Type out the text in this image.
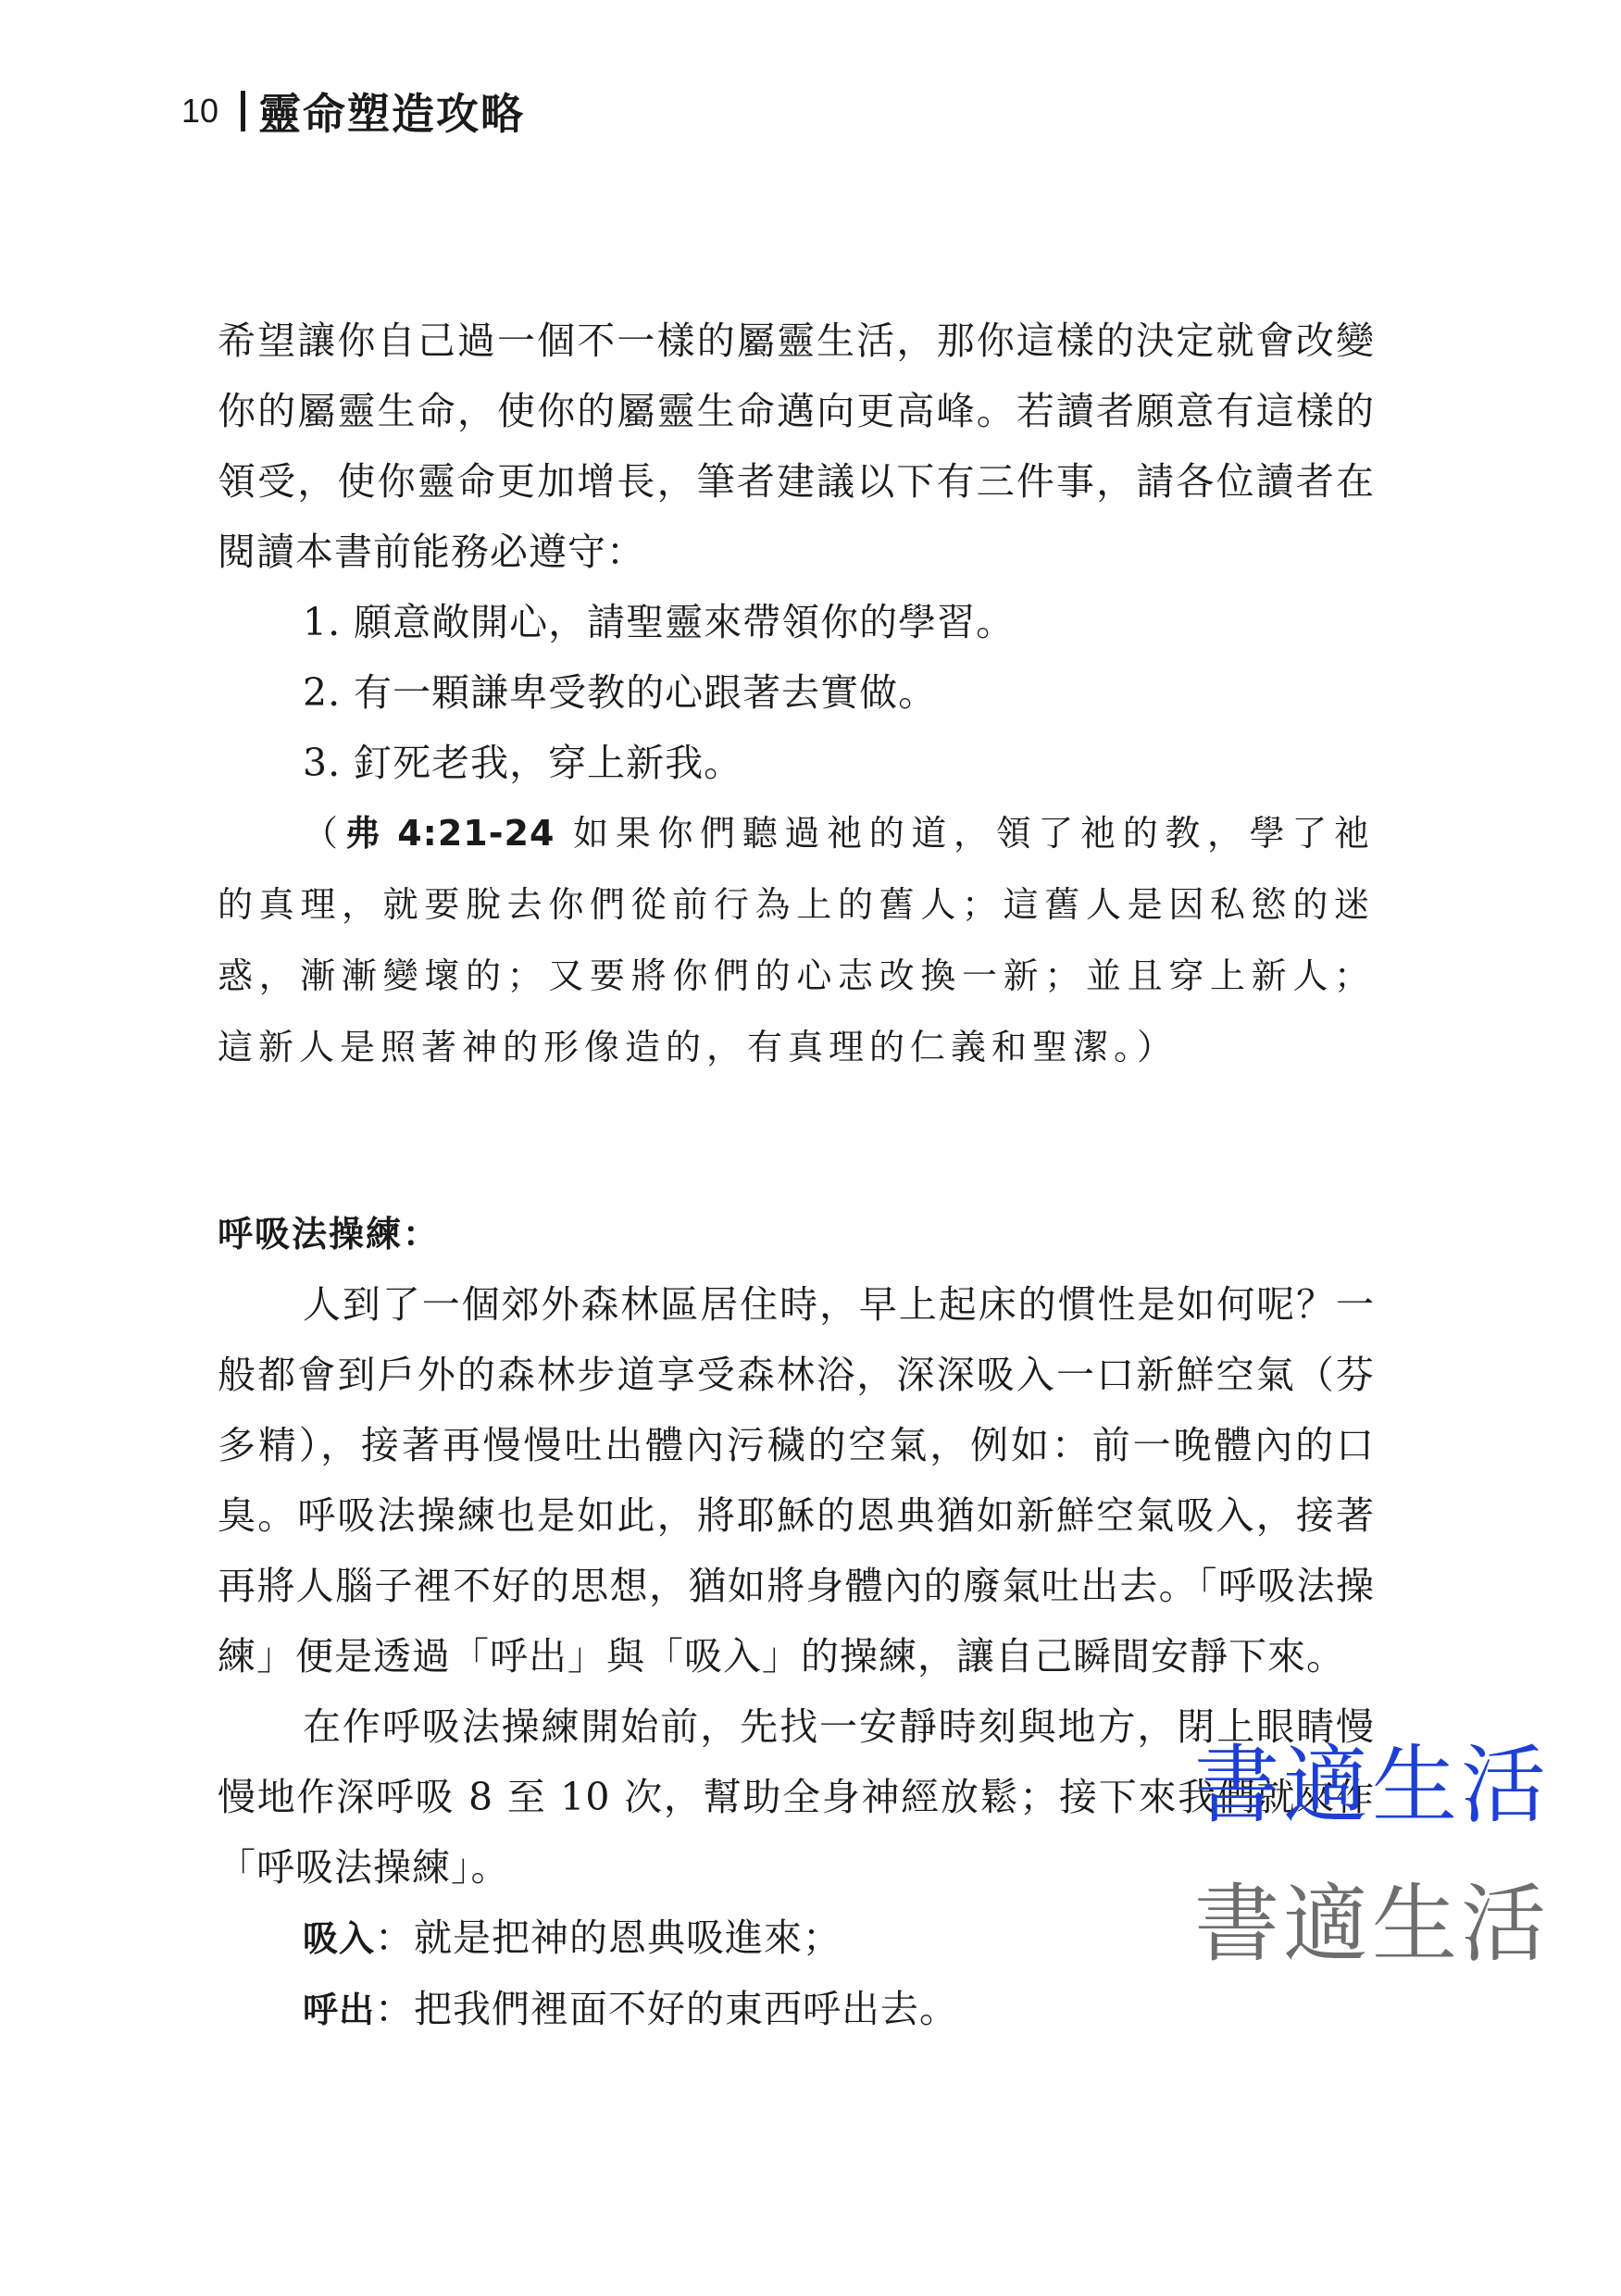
10 靈命塑造攻略

希望讓你自己過一個不一樣的屬靈生活，那你這樣的決定就會改變你的屬靈生命，使你的屬靈生命邁向更高峰。若讀者願意有這樣的領受，使你靈命更加增長，筆者建議以下有三件事，請各位讀者在閱讀本書前能務必遵守：

1. 願意敞開心，請聖靈來帶領你的學習。

2. 有一顆謙卑受教的心跟著去實做。

3. 釘死老我，穿上新我。

（弗 4:21-24 如果你們聽過祂的道，領了祂的教，學了祂的真理，就要脫去你們從前行為上的舊人；這舊人是因私慾的迷惑，漸漸變壞的；又要將你們的心志改換一新；並且穿上新人；這新人是照著神的形像造的，有真理的仁義和聖潔。）

呼吸法操練：

人到了一個郊外森林區居住時，早上起床的慣性是如何呢？一般都會到戶外的森林步道享受森林浴，深深吸入一口新鮮空氣（芬多精），接著再慢慢吐出體內污穢的空氣，例如：前一晚體內的口臭。呼吸法操練也是如此，將耶穌的恩典猶如新鮮空氣吸入，接著再將人腦子裡不好的思想，猶如將身體內的廢氣吐出去。「呼吸法操練」便是透過「呼出」與「吸入」的操練，讓自己瞬間安靜下來。

在作呼吸法操練開始前，先找一安靜時刻與地方，閉上眼睛慢慢地作深呼吸 8 至 10 次，幫助全身神經放鬆；接下來我們就來作「呼吸法操練」。

吸入：就是把神的恩典吸進來；

呼出：把我們裡面不好的東西呼出去。

書適生活
書適生活
